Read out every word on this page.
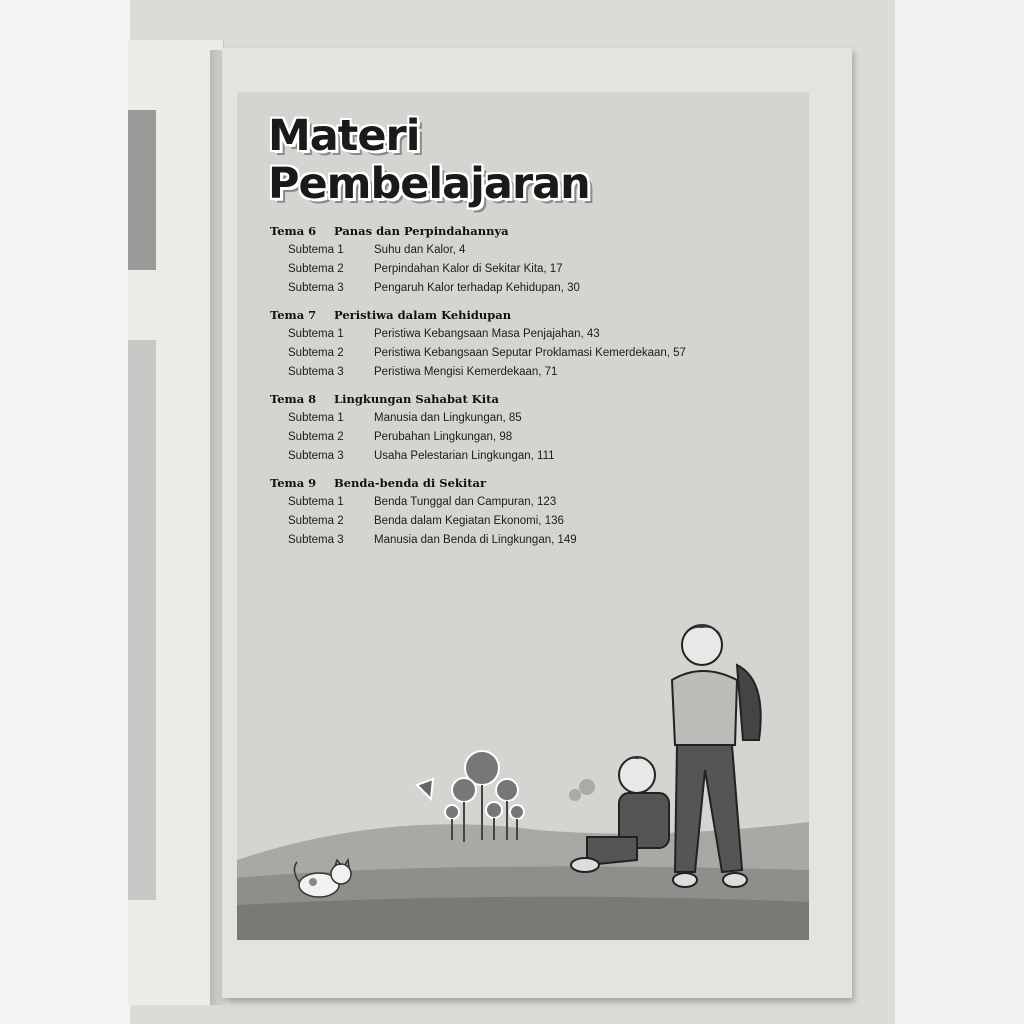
Materi
Pembelajaran
Tema 6 Panas dan Perpindahannya
Subtema 1	Suhu dan Kalor, 4
Subtema 2	Perpindahan Kalor di Sekitar Kita, 17
Subtema 3	Pengaruh Kalor terhadap Kehidupan, 30
Tema 7 Peristiwa dalam Kehidupan
Subtema 1	Peristiwa Kebangsaan Masa Penjajahan, 43
Subtema 2	Peristiwa Kebangsaan Seputar Proklamasi Kemerdekaan, 57
Subtema 3	Peristiwa Mengisi Kemerdekaan, 71
Tema 8 Lingkungan Sahabat Kita
Subtema 1	Manusia dan Lingkungan, 85
Subtema 2	Perubahan Lingkungan, 98
Subtema 3	Usaha Pelestarian Lingkungan, 111
Tema 9 Benda-benda di Sekitar
Subtema 1	Benda Tunggal dan Campuran, 123
Subtema 2	Benda dalam Kegiatan Ekonomi, 136
Subtema 3	Manusia dan Benda di Lingkungan, 149
